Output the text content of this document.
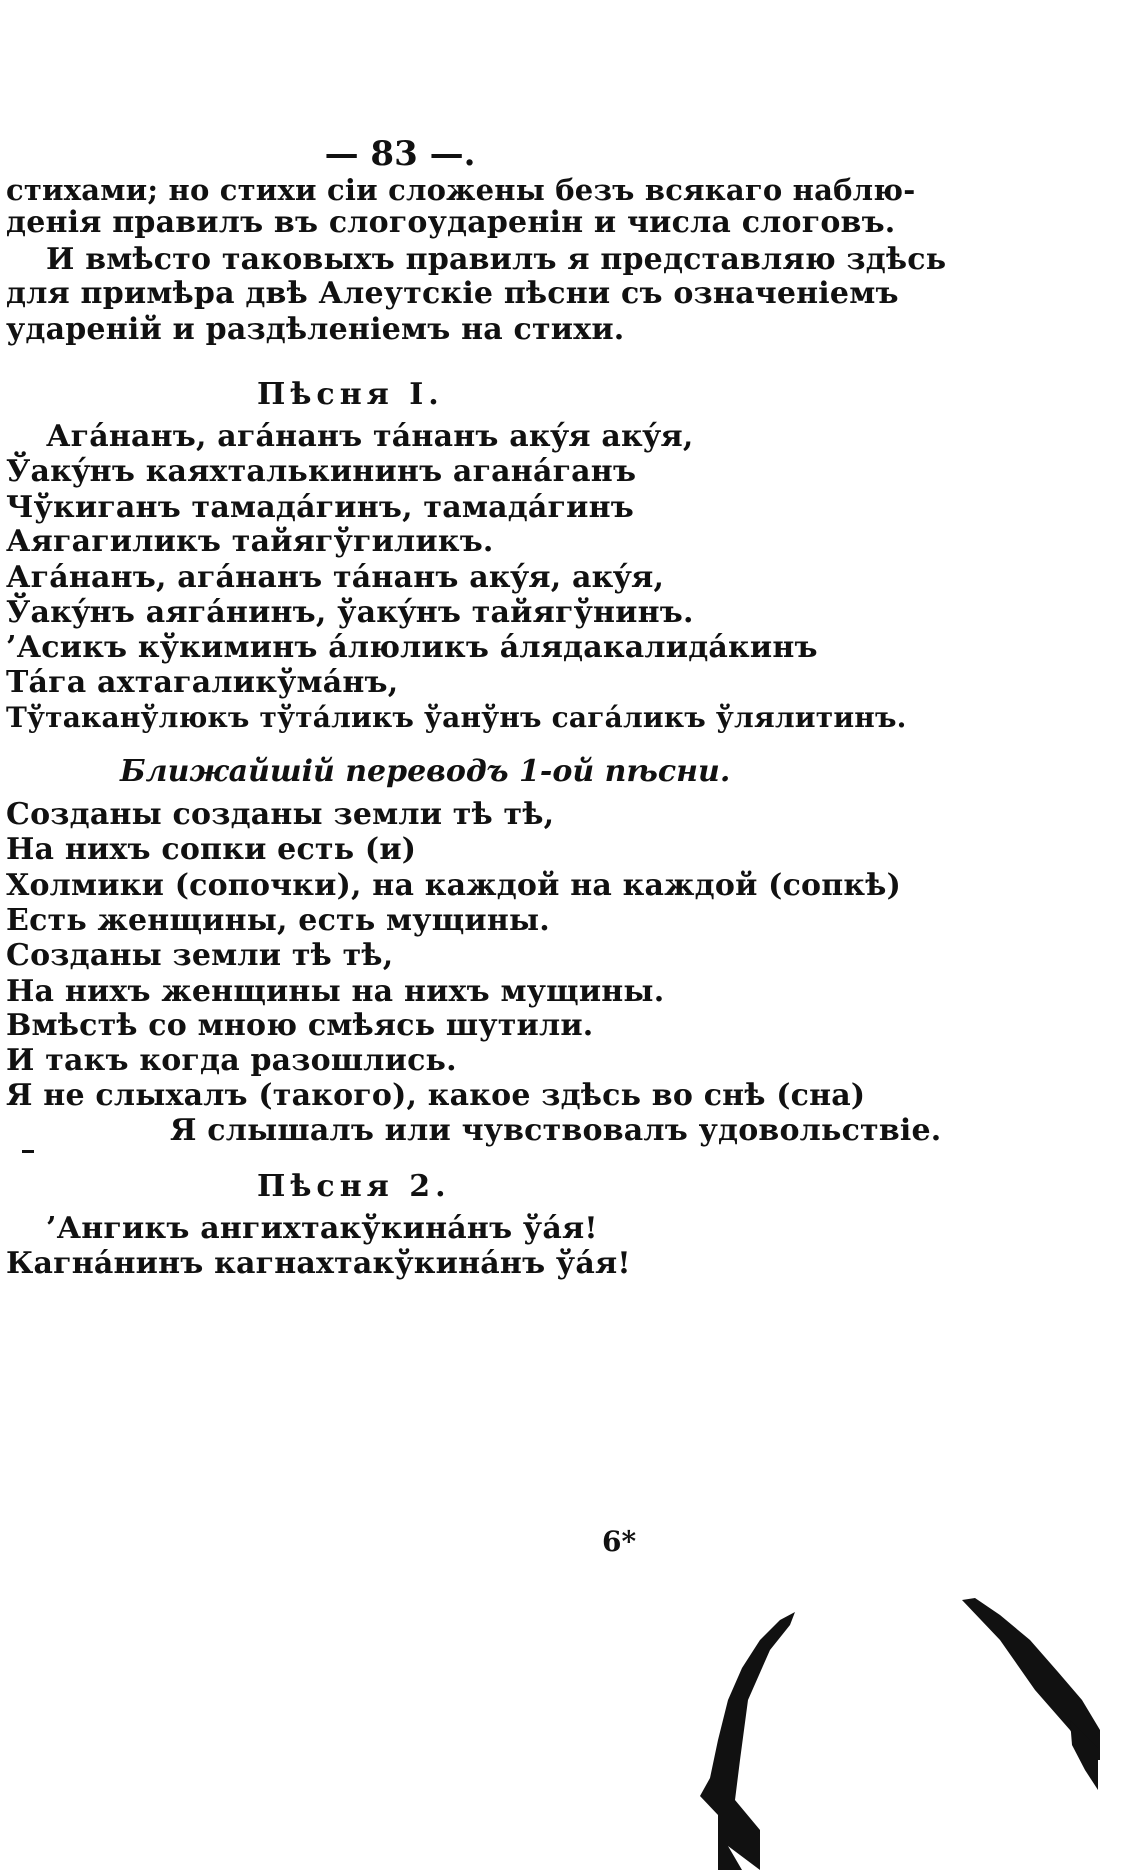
— 83 —.
стихами; но стихи сіи сложены безъ всякаго наблю-
денія правилъ въ слогоударенін и числа слоговъ.
И вмѣсто таковыхъ правилъ я представляю здѣсь
для примѣра двѣ Алеутскіе пѣсни съ означеніемъ
удареній и раздѣленіемъ на стихи.
Пѣсня I.
Агáнанъ, агáнанъ тáнанъ акýя акýя,
Ўакýнъ каяхталькининъ аганáганъ
Чўкиганъ тамадáгинъ, тамадáгинъ
Аягагиликъ тайягўгиликъ.
Агáнанъ, агáнанъ тáнанъ акýя, акýя,
Ўакýнъ аягáнинъ, ўакýнъ тайягўнинъ.
’Асикъ кўкиминъ áлюликъ áлядакалидáкинъ
Тáга ахтагаликўмáнъ,
Тўтаканўлюкъ тўтáликъ ўанўнъ сагáликъ ўлялитинъ.
Ближайшій переводъ 1-ой пѣсни.
Созданы созданы земли тѣ тѣ,
На нихъ сопки есть (и)
Холмики (сопочки), на каждой на каждой (сопкѣ)
Есть женщины, есть мущины.
Созданы земли тѣ тѣ,
На нихъ женщины на нихъ мущины.
Вмѣстѣ со мною смѣясь шутили.
И такъ когда разошлись.
Я не слыхалъ (такого), какое здѣсь во снѣ (сна)
Я слышалъ или чувствовалъ удовольствіе.
Пѣсня 2.
’Ангикъ ангихтакўкинáнъ ўáя!
Кагнáнинъ кагнахтакўкинáнъ ўáя!
6*
